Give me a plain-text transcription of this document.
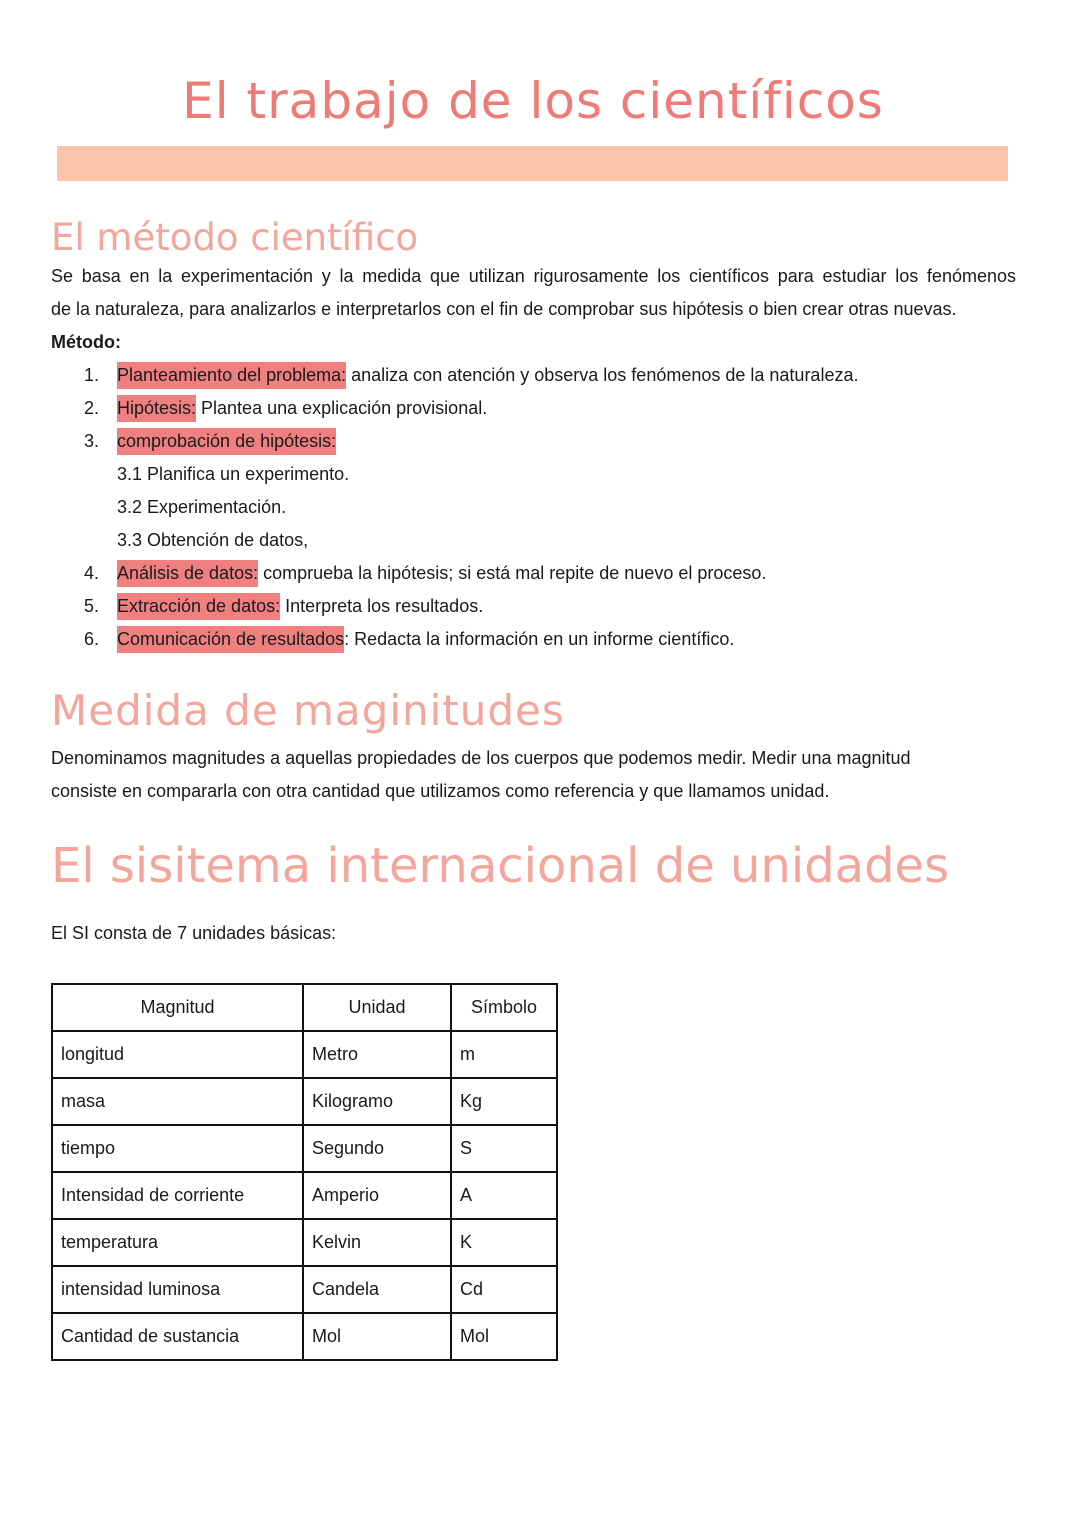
El trabajo de los científicos
El método científico
Se basa en la experimentación y la medida que utilizan rigurosamente los científicos para estudiar los fenómenos
de la naturaleza, para analizarlos e interpretarlos con el fin de comprobar sus hipótesis o bien crear otras nuevas.
Método:
1. Planteamiento del problema: analiza con atención y observa los fenómenos de la naturaleza.
2. Hipótesis: Plantea una explicación provisional.
3. comprobación de hipótesis:
3.1 Planifica un experimento.
3.2 Experimentación.
3.3 Obtención de datos,
4. Análisis de datos: comprueba la hipótesis; si está mal repite de nuevo el proceso.
5. Extracción de datos: Interpreta los resultados.
6. Comunicación de resultados: Redacta la información en un informe científico.
Medida de maginitudes
Denominamos magnitudes a aquellas propiedades de los cuerpos que podemos medir. Medir una magnitud
consiste en compararla con otra cantidad que utilizamos como referencia y que llamamos unidad.
El sisitema internacional de unidades
El SI consta de 7 unidades básicas:
Magnitud	Unidad	Símbolo
longitud	Metro	m
masa	Kilogramo	Kg
tiempo	Segundo	S
Intensidad de corriente	Amperio	A
temperatura	Kelvin	K
intensidad luminosa	Candela	Cd
Cantidad de sustancia	Mol	Mol
